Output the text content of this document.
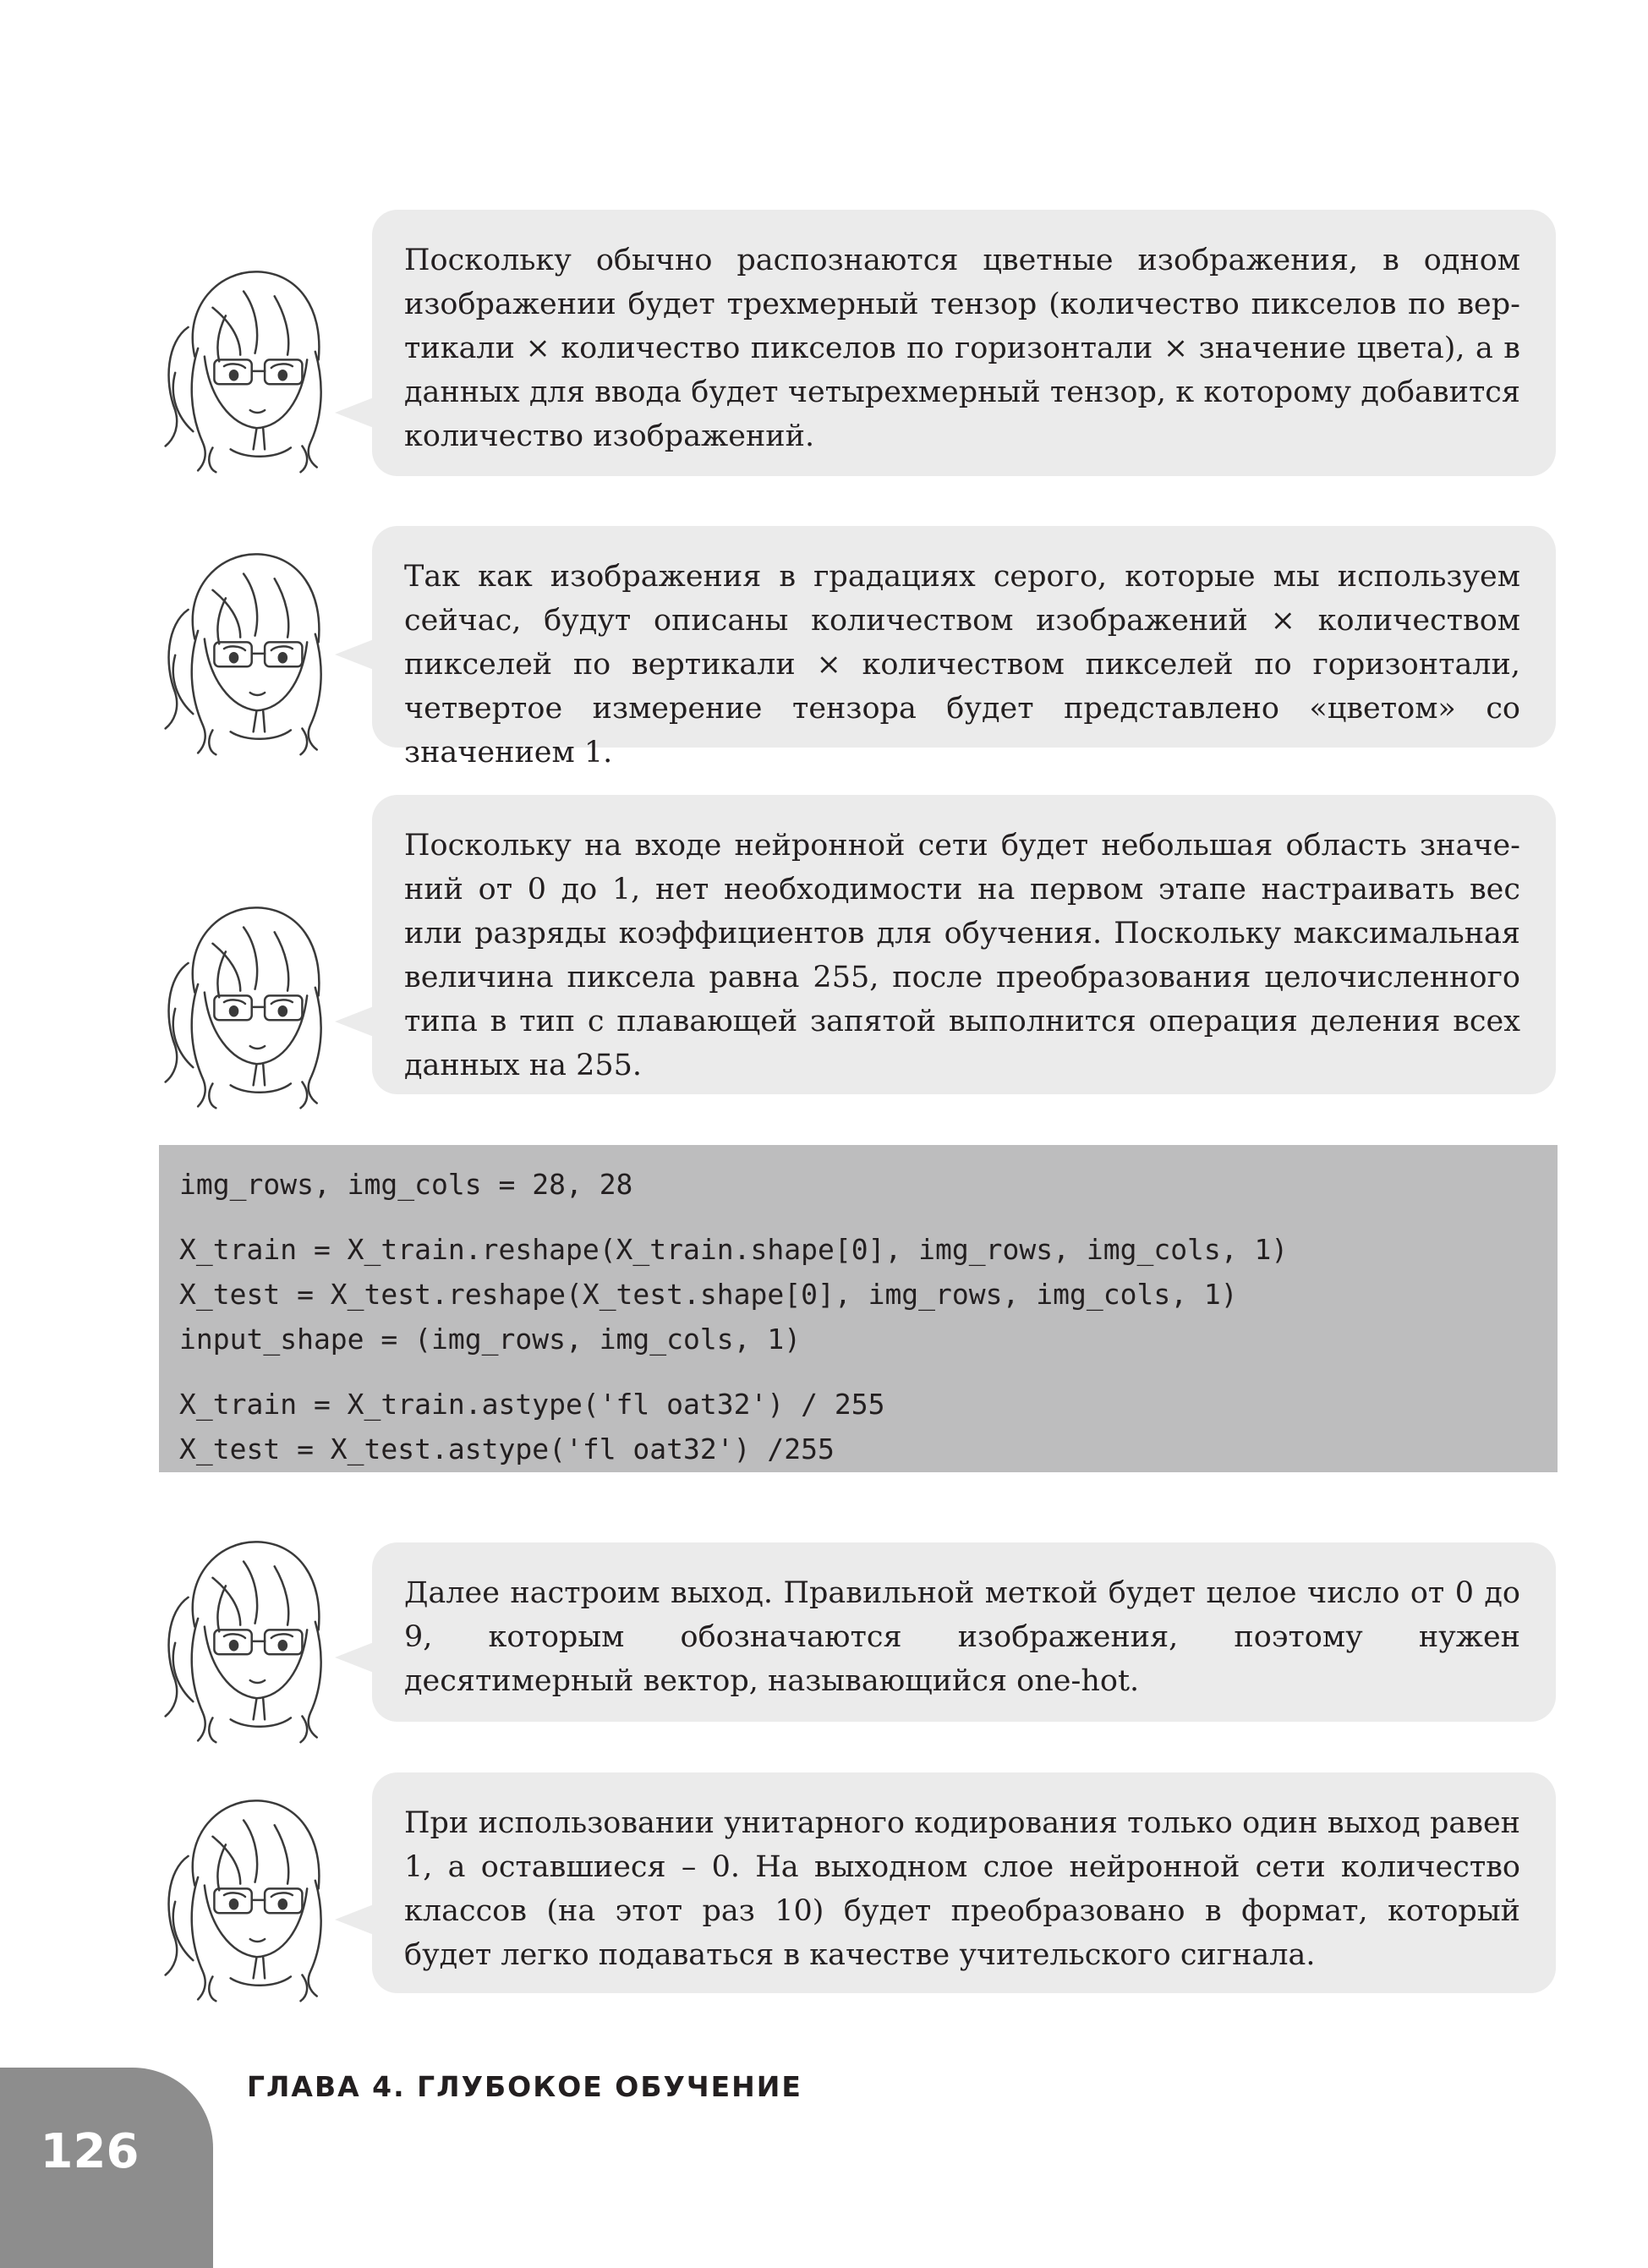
Поскольку обычно распознаются цветные изображения, в одном изображении будет трехмерный тензор (количество пикселов по вертикали × количество пикселов по горизонтали × значение цвета), а в данных для ввода будет четырехмерный тензор, к которому добавится количество изображений.

Так как изображения в градациях серого, которые мы используем сейчас, будут описаны количеством изображений × количеством пикселей по вертикали × количеством пикселей по горизонтали, четвертое измерение тензора будет представлено «цветом» со значением 1.

Поскольку на входе нейронной сети будет небольшая область значений от 0 до 1, нет необходимости на первом этапе настраивать вес или разряды коэффициентов для обучения. Поскольку максимальная величина пиксела равна 255, после преобразования целочисленного типа в тип с плавающей запятой выполнится операция деления всех данных на 255.

img_rows, img_cols = 28, 28
X_train = X_train.reshape(X_train.shape[0], img_rows, img_cols, 1)
X_test = X_test.reshape(X_test.shape[0], img_rows, img_cols, 1)
input_shape = (img_rows, img_cols, 1)
X_train = X_train.astype('fl oat32') / 255
X_test = X_test.astype('fl oat32') /255

Далее настроим выход. Правильной меткой будет целое число от 0 до 9, которым обозначаются изображения, поэтому нужен десятимерный вектор, называющийся one-hot.

При использовании унитарного кодирования только один выход равен 1, а оставшиеся – 0. На выходном слое нейронной сети количество классов (на этот раз 10) будет преобразовано в формат, который будет легко подаваться в качестве учительского сигнала.

126
ГЛАВА 4. ГЛУБОКОЕ ОБУЧЕНИЕ
